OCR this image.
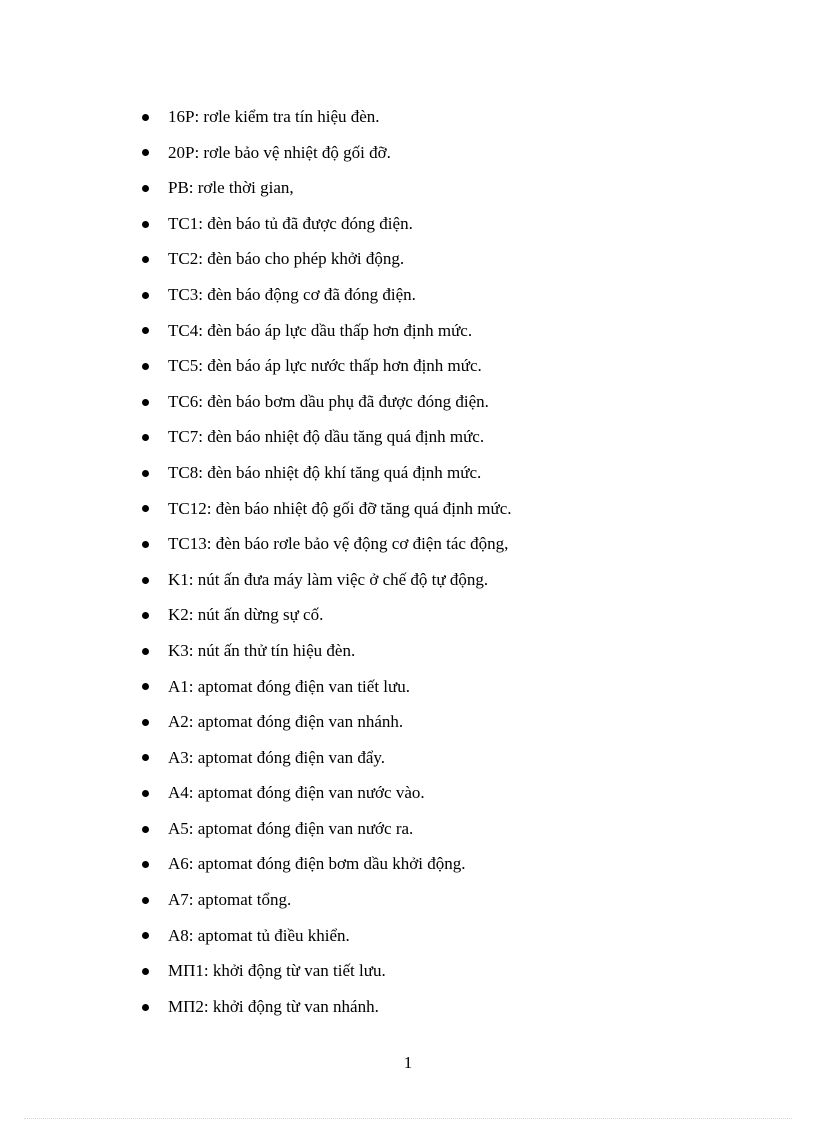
16P: rơle kiểm tra tín hiệu đèn.
20P: rơle bảo vệ nhiệt độ gối đỡ.
PB: rơle thời gian,
TC1: đèn báo tủ đã được đóng điện.
TC2: đèn báo cho phép khởi động.
TC3: đèn báo động cơ đã đóng điện.
TC4: đèn báo áp lực dầu thấp hơn định mức.
TC5: đèn báo áp lực nước thấp hơn định mức.
TC6: đèn báo bơm dầu phụ đã được đóng điện.
TC7: đèn báo nhiệt độ dầu tăng quá định mức.
TC8: đèn báo nhiệt độ khí tăng quá định mức.
TC12: đèn báo nhiệt độ gối đỡ tăng quá định mức.
TC13: đèn báo rơle bảo vệ động cơ điện tác động,
K1: nút ấn đưa máy làm việc ở chế độ tự động.
K2: nút ấn dừng sự cố.
K3: nút ấn thử tín hiệu đèn.
A1: aptomat đóng điện van tiết lưu.
A2: aptomat đóng điện van nhánh.
A3: aptomat đóng điện van đẩy.
A4: aptomat đóng điện van nước vào.
A5: aptomat đóng điện van nước ra.
A6: aptomat đóng điện bơm dầu khởi động.
A7: aptomat tổng.
A8: aptomat tủ điều khiển.
MП1: khởi động từ van tiết lưu.
MП2: khởi động từ van nhánh.
1
